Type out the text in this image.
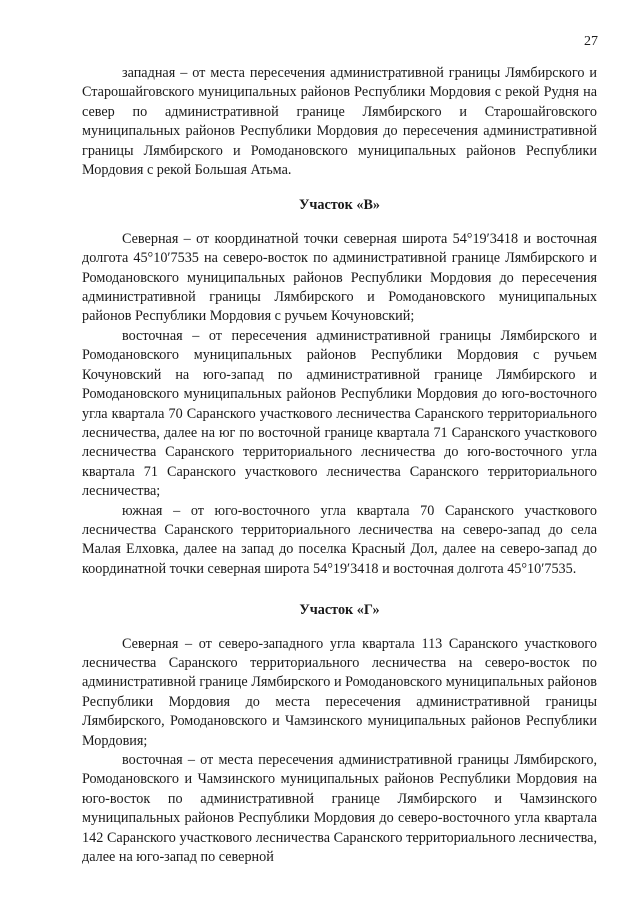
27

западная – от места пересечения административной границы Лямбирского и Старошайговского муниципальных районов Республики Мордовия с рекой Рудня на север по административной границе Лямбирского и Старошайговского муниципальных районов Республики Мордовия до пересечения административной границы Лямбирского и Ромодановского муниципальных районов Республики Мордовия с рекой Большая Атьма.

Участок «В»

Северная – от координатной точки северная широта 54°19′3418 и восточная долгота 45°10′7535 на северо-восток по административной границе Лямбирского и Ромодановского муниципальных районов Республики Мордовия до пересечения административной границы Лямбирского и Ромодановского муниципальных районов Республики Мордовия с ручьем Кочуновский;

восточная – от пересечения административной границы Лямбирского и Ромодановского муниципальных районов Республики Мордовия с ручьем Кочуновский на юго-запад по административной границе Лямбирского и Ромодановского муниципальных районов Республики Мордовия до юго-восточного угла квартала 70 Саранского участкового лесничества Саранского территориального лесничества, далее на юг по восточной границе квартала 71 Саранского участкового лесничества Саранского территориального лесничества до юго-восточного угла квартала 71 Саранского участкового лесничества Саранского территориального лесничества;

южная – от юго-восточного угла квартала 70 Саранского участкового лесничества Саранского территориального лесничества на северо-запад до села Малая Елховка, далее на запад до поселка Красный Дол, далее на северо-запад до координатной точки северная широта 54°19′3418 и восточная долгота 45°10′7535.

Участок «Г»

Северная – от северо-западного угла квартала 113 Саранского участкового лесничества Саранского территориального лесничества на северо-восток по административной границе Лямбирского и Ромодановского муниципальных районов Республики Мордовия до места пересечения административной границы Лямбирского, Ромодановского и Чамзинского муниципальных районов Республики Мордовия;

восточная – от места пересечения административной границы Лямбирского, Ромодановского и Чамзинского муниципальных районов Республики Мордовия на юго-восток по административной границе Лямбирского и Чамзинского муниципальных районов Республики Мордовия до северо-восточного угла квартала 142 Саранского участкового лесничества Саранского территориального лесничества, далее на юго-запад по северной
